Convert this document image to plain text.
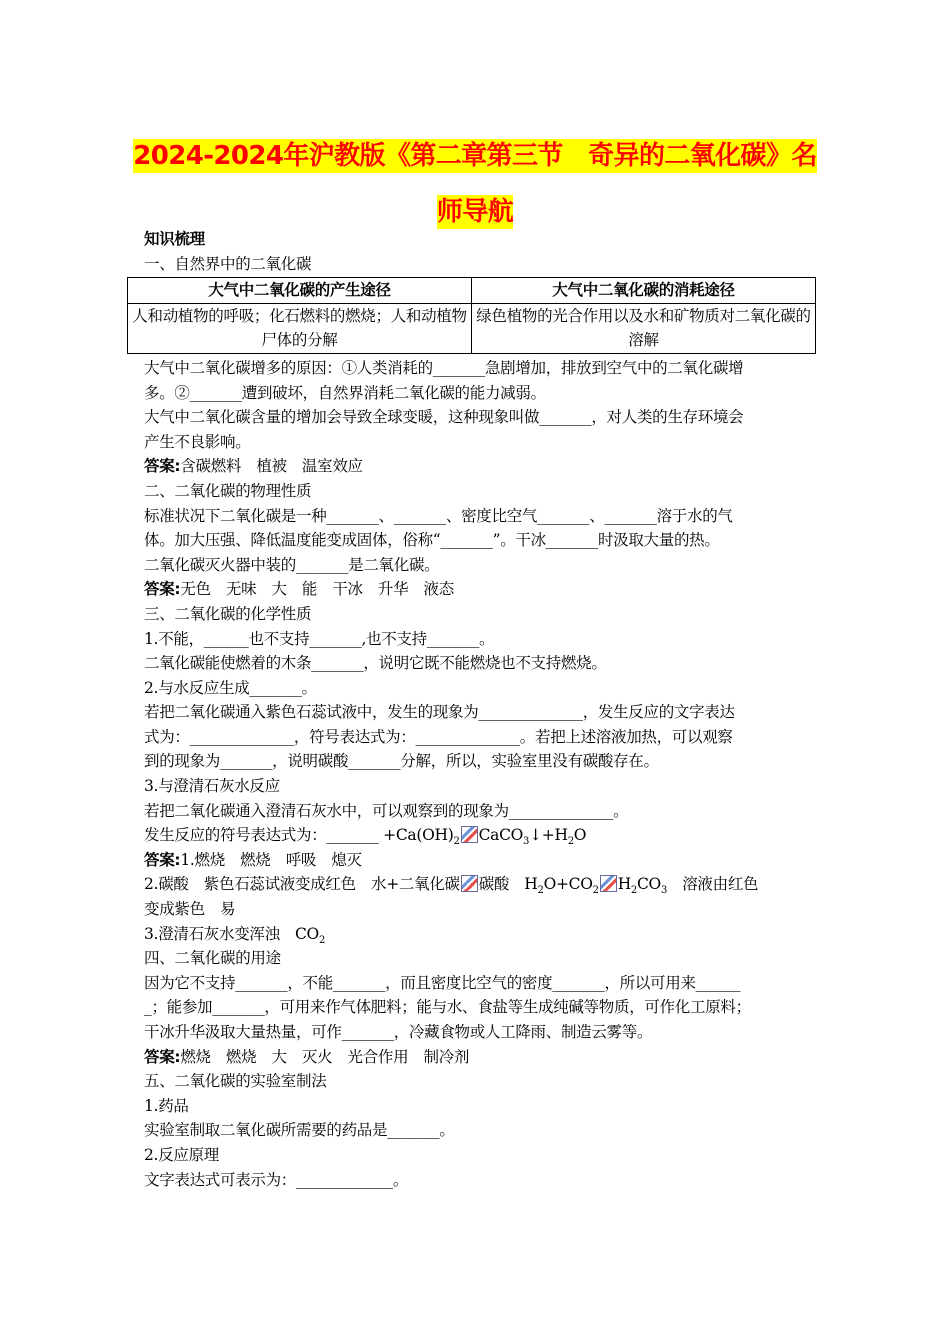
2024-2024年沪教版《第二章第三节　奇异的二氧化碳》名
师导航

知识梳理

一、自然界中的二氧化碳

大气中二氧化碳的产生途径	大气中二氧化碳的消耗途径
人和动植物的呼吸；化石燃料的燃烧；人和动植物尸体的分解	绿色植物的光合作用以及水和矿物质对二氧化碳的溶解

大气中二氧化碳增多的原因：①人类消耗的_______急剧增加，排放到空气中的二氧化碳增

多。②_______遭到破坏，自然界消耗二氧化碳的能力减弱。

大气中二氧化碳含量的增加会导致全球变暖，这种现象叫做_______，对人类的生存环境会

产生不良影响。

答案:含碳燃料　植被　温室效应

二、二氧化碳的物理性质

标准状况下二氧化碳是一种_______、_______、密度比空气_______、_______溶于水的气

体。加大压强、降低温度能变成固体，俗称“_______”。干冰_______时汲取大量的热。

二氧化碳灭火器中装的_______是二氧化碳。

答案:无色　无味　大　能　干冰　升华　液态

三、二氧化碳的化学性质

1.不能，______也不支持_______,也不支持_______。

二氧化碳能使燃着的木条_______，说明它既不能燃烧也不支持燃烧。

2.与水反应生成_______。

若把二氧化碳通入紫色石蕊试液中，发生的现象为______________，发生反应的文字表达

式为：______________，符号表达式为：______________。若把上述溶液加热，可以观察

到的现象为_______，说明碳酸_______分解，所以，实验室里没有碳酸存在。

3.与澄清石灰水反应

若把二氧化碳通入澄清石灰水中，可以观察到的现象为______________。

发生反应的符号表达式为：_______ $+Ca(OH)_2$ $CaCO_3↓+H_2O$

答案:1.燃烧　燃烧　呼吸　熄灭

2.碳酸　紫色石蕊试液变成红色　水+二氧化碳 碳酸　$H_2O+CO_2$ $H_2CO_3$　溶液由红色

变成紫色　易

3.澄清石灰水变浑浊　$CO_2$

四、二氧化碳的用途

因为它不支持_______，不能_______，而且密度比空气的密度_______，所以可用来______

_；能参加_______，可用来作气体肥料；能与水、食盐等生成纯碱等物质，可作化工原料；

干冰升华汲取大量热量，可作_______，冷藏食物或人工降雨、制造云雾等。

答案:燃烧　燃烧　大　灭火　光合作用　制冷剂

五、二氧化碳的实验室制法

1.药品

实验室制取二氧化碳所需要的药品是_______。

2.反应原理

文字表达式可表示为：_____________。
